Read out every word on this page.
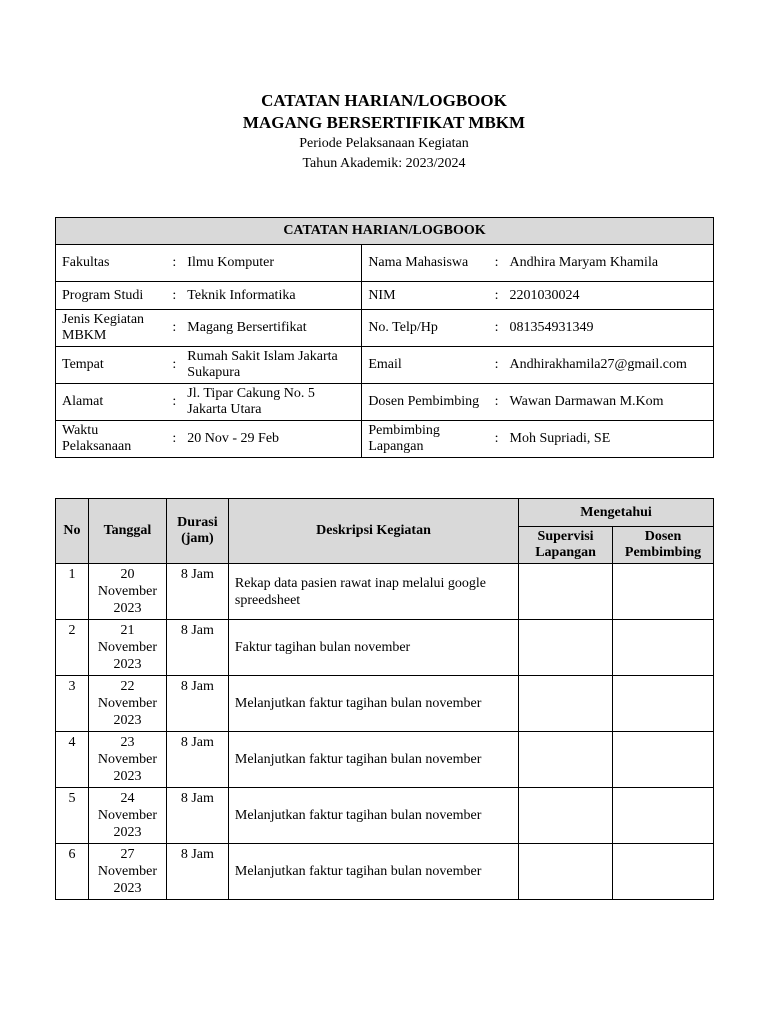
CATATAN HARIAN/LOGBOOK
MAGANG BERSERTIFIKAT MBKM
Periode Pelaksanaan Kegiatan
Tahun Akademik: 2023/2024
CATATAN HARIAN/LOGBOOK					
Fakultas	:	Ilmu Komputer	Nama Mahasiswa	:	Andhira Maryam Khamila
Program Studi	:	Teknik Informatika	NIM	:	2201030024
Jenis Kegiatan MBKM	:	Magang Bersertifikat	No. Telp/Hp	:	081354931349
Tempat	:	Rumah Sakit Islam Jakarta Sukapura	Email	:	Andhirakhamila27@gmail.com
Alamat	:	Jl. Tipar Cakung No. 5 Jakarta Utara	Dosen Pembimbing	:	Wawan Darmawan M.Kom
Waktu Pelaksanaan	:	20 Nov - 29 Feb	Pembimbing Lapangan	:	Moh Supriadi, SE
No	Tanggal	Durasi (jam)	Deskripsi Kegiatan	Mengetahui	
				Supervisi Lapangan	Dosen Pembimbing
1	20 November 2023	8 Jam	Rekap data pasien rawat inap melalui google spreedsheet		
2	21 November 2023	8 Jam	Faktur tagihan bulan november		
3	22 November 2023	8 Jam	Melanjutkan faktur tagihan bulan november		
4	23 November 2023	8 Jam	Melanjutkan faktur tagihan bulan november		
5	24 November 2023	8 Jam	Melanjutkan faktur tagihan bulan november		
6	27 November 2023	8 Jam	Melanjutkan faktur tagihan bulan november		
